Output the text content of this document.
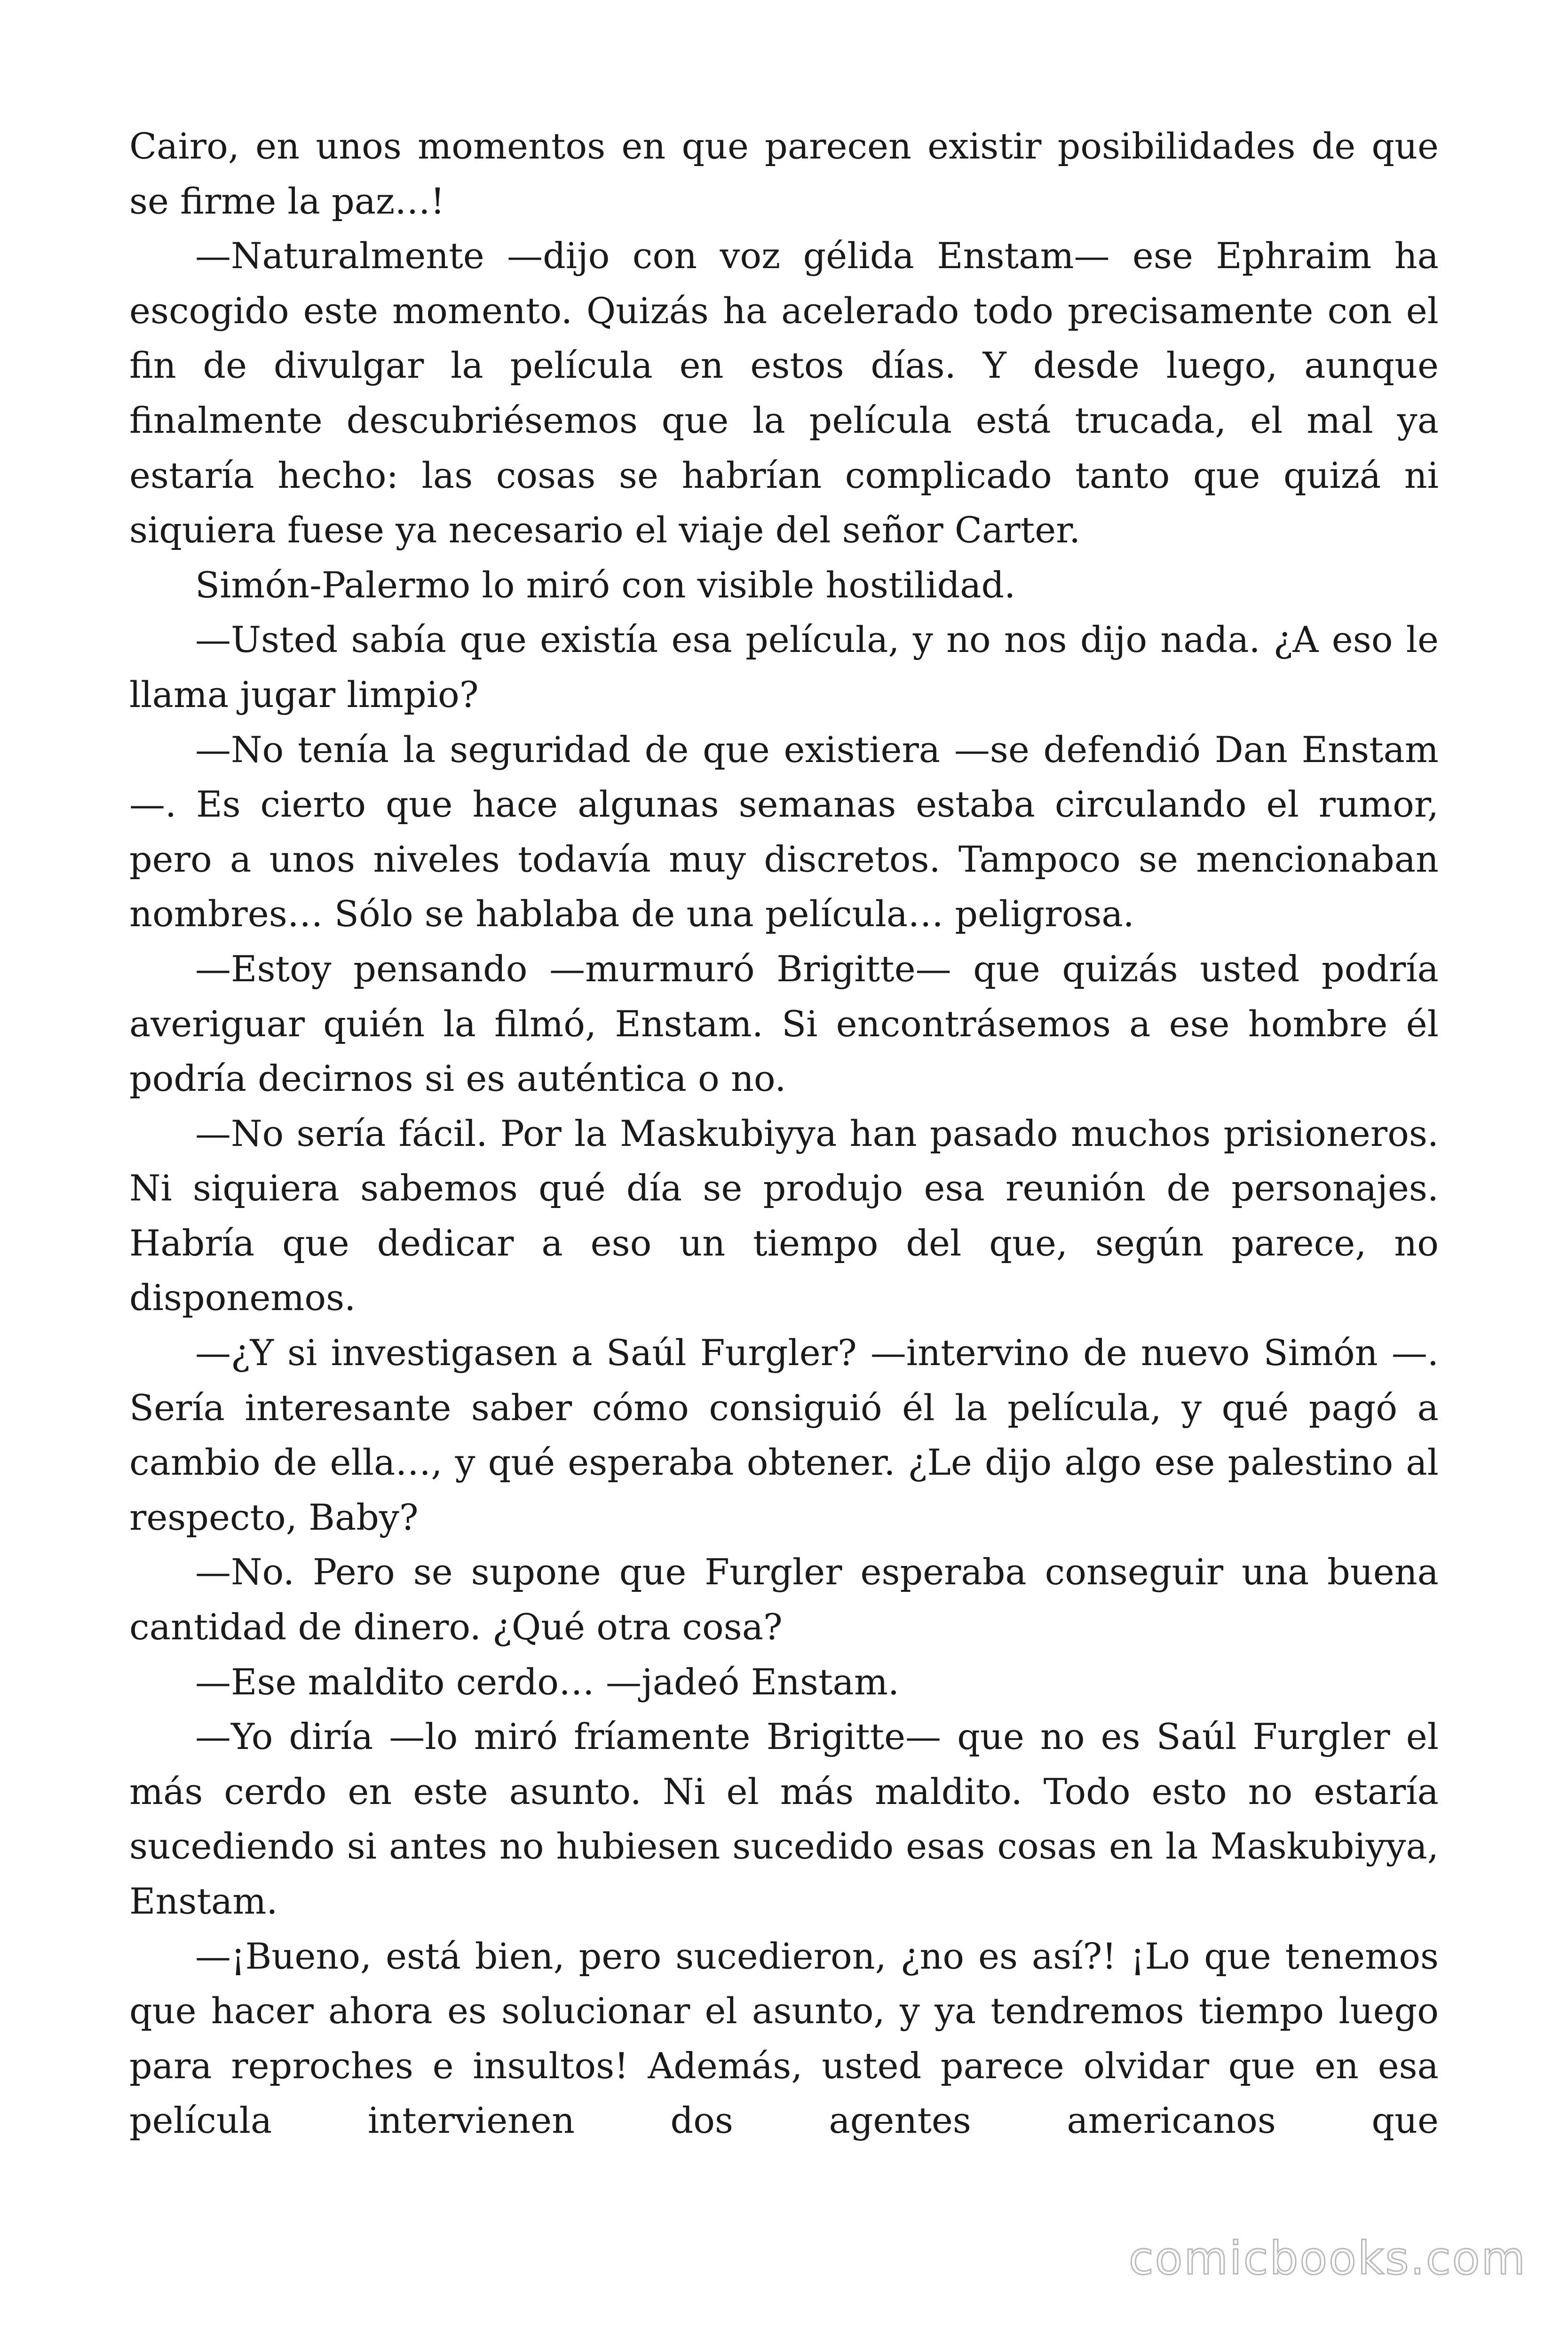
Cairo, en unos momentos en que parecen existir posibilidades de que se firme la paz…!

—Naturalmente —dijo con voz gélida Enstam— ese Ephraim ha escogido este momento. Quizás ha acelerado todo precisamente con el fin de divulgar la película en estos días. Y desde luego, aunque finalmente descubriésemos que la película está trucada, el mal ya estaría hecho: las cosas se habrían complicado tanto que quizá ni siquiera fuese ya necesario el viaje del señor Carter.

Simón-Palermo lo miró con visible hostilidad.

—Usted sabía que existía esa película, y no nos dijo nada. ¿A eso le llama jugar limpio?

—No tenía la seguridad de que existiera —se defendió Dan Enstam—. Es cierto que hace algunas semanas estaba circulando el rumor, pero a unos niveles todavía muy discretos. Tampoco se mencionaban nombres… Sólo se hablaba de una película… peligrosa.

—Estoy pensando —murmuró Brigitte— que quizás usted podría averiguar quién la filmó, Enstam. Si encontrásemos a ese hombre él podría decirnos si es auténtica o no.

—No sería fácil. Por la Maskubiyya han pasado muchos prisioneros. Ni siquiera sabemos qué día se produjo esa reunión de personajes. Habría que dedicar a eso un tiempo del que, según parece, no disponemos.

—¿Y si investigasen a Saúl Furgler? —intervino de nuevo Simón —. Sería interesante saber cómo consiguió él la película, y qué pagó a cambio de ella…, y qué esperaba obtener. ¿Le dijo algo ese palestino al respecto, Baby?

—No. Pero se supone que Furgler esperaba conseguir una buena cantidad de dinero. ¿Qué otra cosa?

—Ese maldito cerdo… —jadeó Enstam.

—Yo diría —lo miró fríamente Brigitte— que no es Saúl Furgler el más cerdo en este asunto. Ni el más maldito. Todo esto no estaría sucediendo si antes no hubiesen sucedido esas cosas en la Maskubiyya, Enstam.

—¡Bueno, está bien, pero sucedieron, ¿no es así?! ¡Lo que tenemos que hacer ahora es solucionar el asunto, y ya tendremos tiempo luego para reproches e insultos! Además, usted parece olvidar que en esa película intervienen dos agentes americanos que

comicbooks.com
